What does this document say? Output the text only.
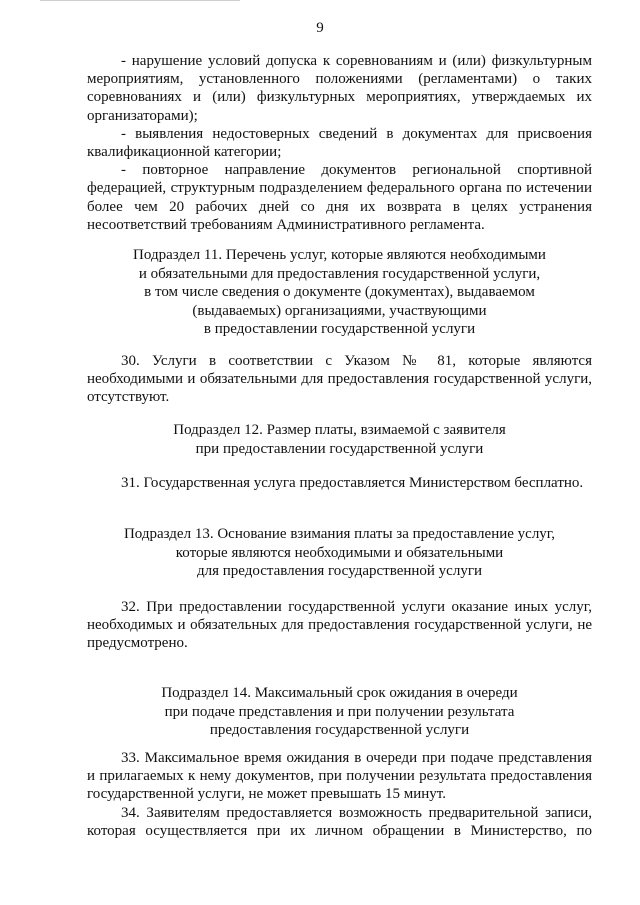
9

- нарушение условий допуска к соревнованиям и (или) физкультурным мероприятиям, установленного положениями (регламентами) о таких соревнованиях и (или) физкультурных мероприятиях, утверждаемых их организаторами);

- выявления недостоверных сведений в документах для присвоения квалификационной категории;

- повторное направление документов региональной спортивной федерацией, структурным подразделением федерального органа по истечении более чем 20 рабочих дней со дня их возврата в целях устранения несоответствий требованиям Административного регламента.

Подраздел 11. Перечень услуг, которые являются необходимыми
и обязательными для предоставления государственной услуги,
в том числе сведения о документе (документах), выдаваемом
(выдаваемых) организациями, участвующими
в предоставлении государственной услуги

30. Услуги в соответствии с Указом № 81, которые являются необходимыми и обязательными для предоставления государственной услуги, отсутствуют.

Подраздел 12. Размер платы, взимаемой с заявителя
при предоставлении государственной услуги

31. Государственная услуга предоставляется Министерством бесплатно.

Подраздел 13. Основание взимания платы за предоставление услуг,
которые являются необходимыми и обязательными
для предоставления государственной услуги

32. При предоставлении государственной услуги оказание иных услуг, необходимых и обязательных для предоставления государственной услуги, не предусмотрено.

Подраздел 14. Максимальный срок ожидания в очереди
при подаче представления и при получении результата
предоставления государственной услуги

33. Максимальное время ожидания в очереди при подаче представления и прилагаемых к нему документов, при получении результата предоставления государственной услуги, не может превышать 15 минут.

34. Заявителям предоставляется возможность предварительной записи, которая осуществляется при их личном обращении в Министерство, по
